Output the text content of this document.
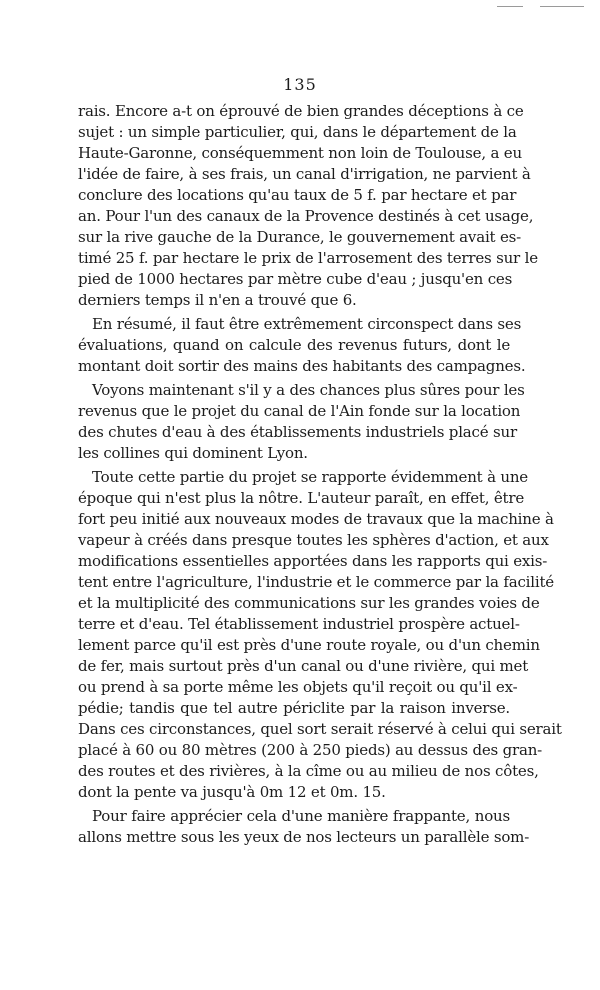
135

rais. Encore a-t on éprouvé de bien grandes déceptions à ce
sujet : un simple particulier, qui, dans le département de la
Haute-Garonne, conséquemment non loin de Toulouse, a eu
l'idée de faire, à ses frais, un canal d'irrigation, ne parvient à
conclure des locations qu'au taux de 5 f. par hectare et par
an. Pour l'un des canaux de la Provence destinés à cet usage,
sur la rive gauche de la Durance, le gouvernement avait es-
timé 25 f. par hectare le prix de l'arrosement des terres sur le
pied de 1000 hectares par mètre cube d'eau ; jusqu'en ces
derniers temps il n'en a trouvé que 6.

En résumé, il faut être extrêmement circonspect dans ses
évaluations, quand on calcule des revenus futurs, dont le
montant doit sortir des mains des habitants des campagnes.

Voyons maintenant s'il y a des chances plus sûres pour les
revenus que le projet du canal de l'Ain fonde sur la location
des chutes d'eau à des établissements industriels placé sur
les collines qui dominent Lyon.

Toute cette partie du projet se rapporte évidemment à une
époque qui n'est plus la nôtre. L'auteur paraît, en effet, être
fort peu initié aux nouveaux modes de travaux que la machine à
vapeur à créés dans presque toutes les sphères d'action, et aux
modifications essentielles apportées dans les rapports qui exis-
tent entre l'agriculture, l'industrie et le commerce par la facilité
et la multiplicité des communications sur les grandes voies de
terre et d'eau. Tel établissement industriel prospère actuel-
lement parce qu'il est près d'une route royale, ou d'un chemin
de fer, mais surtout près d'un canal ou d'une rivière, qui met
ou prend à sa porte même les objets qu'il reçoit ou qu'il ex-
pédie; tandis que tel autre périclite par la raison inverse.
Dans ces circonstances, quel sort serait réservé à celui qui serait
placé à 60 ou 80 mètres (200 à 250 pieds) au dessus des gran-
des routes et des rivières, à la cîme ou au milieu de nos côtes,
dont la pente va jusqu'à 0m 12 et 0m. 15.

Pour faire apprécier cela d'une manière frappante, nous
allons mettre sous les yeux de nos lecteurs un parallèle som-
